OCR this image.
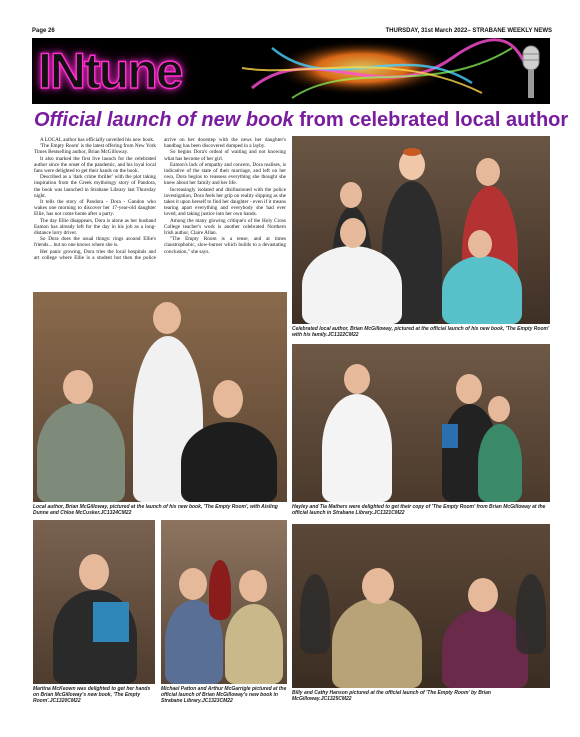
Page 26	THURSDAY, 31st March 2022– STRABANE WEEKLY NEWS
INtune
Official launch of new book from celebrated local author

A LOCAL author has officially unveiled his new book.

'The Empty Room' is the latest offering from New York Times Bestselling author, Brian McGilloway.

It also marked the first live launch for the celebrated author since the onset of the pandemic, and his loyal local fans were delighted to get their hands on the book.

Described as a 'dark crime thriller' with the plot taking inspiration from the Greek mythology story of Pandora, the book was launched in Strabane Library last Thursday night.

It tells the story of Pandora - Dora - Gandon who wakes one morning to discover her 17-year-old daughter Ellie, has not come home after a party.

The day Ellie disappears, Dora is alone as her husband Eamon has already left for the day in his job as a long-distance lorry driver.

So Dora does the usual things: rings around Ellie's friends... but no one knows where she is.

Her panic growing, Dora tries the local hospitals and art college where Ellie is a student but then the police arrive on her doorstep with the news her daughter's handbag has been discovered dumped in a layby.

So begins Dora's ordeal of waiting and not knowing what has become of her girl.

Eamon's lack of empathy and concern, Dora realises, is indicative of the state of their marriage, and left on her own, Dora begins to reassess everything she thought she knew about her family and her life.

Increasingly isolated and disillusioned with the police investigation, Dora feels her grip on reality slipping as she takes it upon herself to find her daughter - even if it means tearing apart everything and everybody she had ever loved, and taking justice into her own hands.

Among the many glowing critique's of the Holy Cross College teacher's work is another celebrated Northern Irish author, Claire Allan.

"The Empty Room is a tense, and at times claustrophobic, slow-burner which builds to a devastating conclusion," she says.

Celebrated local author, Brian McGilloway, pictured at the official launch of his new book, 'The Empty Room' with his family.JC1322CM22
Local author, Brian McGilloway, pictured at the launch of his new book, 'The Empty Room', with Aisling Dunne and Chloe McCusker.JC1324CM22
Hayley and Tia Mathers were delighted to get their copy of 'The Empty Room' from Brian McGilloway at the official launch in Strabane Library.JC1321CM22
Martina McKeown was delighted to get her hands on Brian McGilloway's new book, 'The Empty Room'.JC1320CM22
Michael Patton and Arthur McGarrigle pictured at the official launch of Brian McGilloway's new book in Strabane Library.JC1323CM22
Billy and Cathy Hanson pictured at the official launch of 'The Empty Room' by Brian McGilloway.JC1325CM22
